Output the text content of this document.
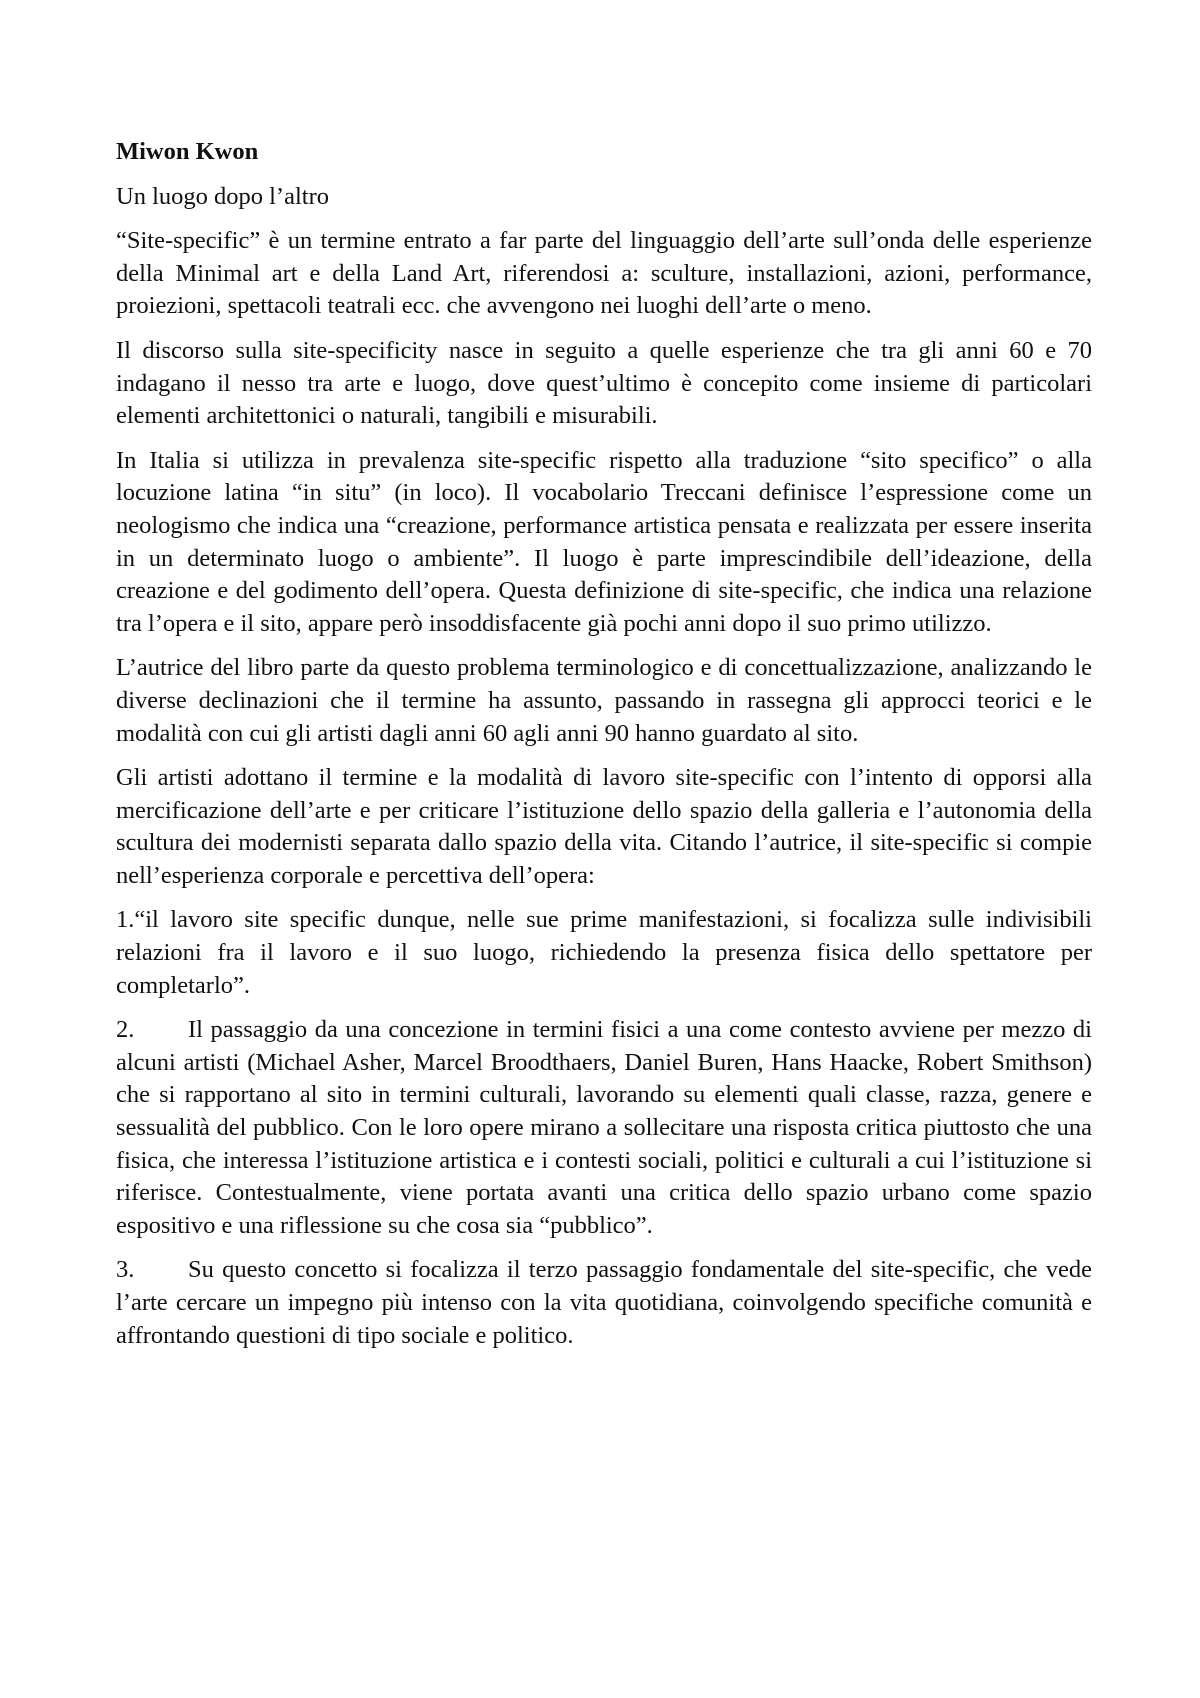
Miwon Kwon

Un luogo dopo l’altro

“Site-specific” è un termine entrato a far parte del linguaggio dell’arte sull’onda delle esperienze della Minimal art e della Land Art, riferendosi a: sculture, installazioni, azioni, performance, proiezioni, spettacoli teatrali ecc. che avvengono nei luoghi dell’arte o meno.

Il discorso sulla site-specificity nasce in seguito a quelle esperienze che tra gli anni 60 e 70 indagano il nesso tra arte e luogo, dove quest’ultimo è concepito come insieme di particolari elementi architettonici o naturali, tangibili e misurabili.

In Italia si utilizza in prevalenza site-specific rispetto alla traduzione “sito specifico” o alla locuzione latina “in situ” (in loco). Il vocabolario Treccani definisce l’espressione come un neologismo che indica una “creazione, performance artistica pensata e realizzata per essere inserita in un determinato luogo o ambiente”. Il luogo è parte imprescindibile dell’ideazione, della creazione e del godimento dell’opera. Questa definizione di site-specific, che indica una relazione tra l’opera e il sito, appare però insoddisfacente già pochi anni dopo il suo primo utilizzo.

L’autrice del libro parte da questo problema terminologico e di concettualizzazione, analizzando le diverse declinazioni che il termine ha assunto, passando in rassegna gli approcci teorici e le modalità con cui gli artisti dagli anni 60 agli anni 90 hanno guardato al sito.

Gli artisti adottano il termine e la modalità di lavoro site-specific con l’intento di opporsi alla mercificazione dell’arte e per criticare l’istituzione dello spazio della galleria e l’autonomia della scultura dei modernisti separata dallo spazio della vita. Citando l’autrice, il site-specific si compie nell’esperienza corporale e percettiva dell’opera:

1.“il lavoro site specific dunque, nelle sue prime manifestazioni, si focalizza sulle indivisibili relazioni fra il lavoro e il suo luogo, richiedendo la presenza fisica dello spettatore per completarlo”.

2. Il passaggio da una concezione in termini fisici a una come contesto avviene per mezzo di alcuni artisti (Michael Asher, Marcel Broodthaers, Daniel Buren, Hans Haacke, Robert Smithson) che si rapportano al sito in termini culturali, lavorando su elementi quali classe, razza, genere e sessualità del pubblico. Con le loro opere mirano a sollecitare una risposta critica piuttosto che una fisica, che interessa l’istituzione artistica e i contesti sociali, politici e culturali a cui l’istituzione si riferisce. Contestualmente, viene portata avanti una critica dello spazio urbano come spazio espositivo e una riflessione su che cosa sia “pubblico”.

3. Su questo concetto si focalizza il terzo passaggio fondamentale del site-specific, che vede l’arte cercare un impegno più intenso con la vita quotidiana, coinvolgendo specifiche comunità e affrontando questioni di tipo sociale e politico.
